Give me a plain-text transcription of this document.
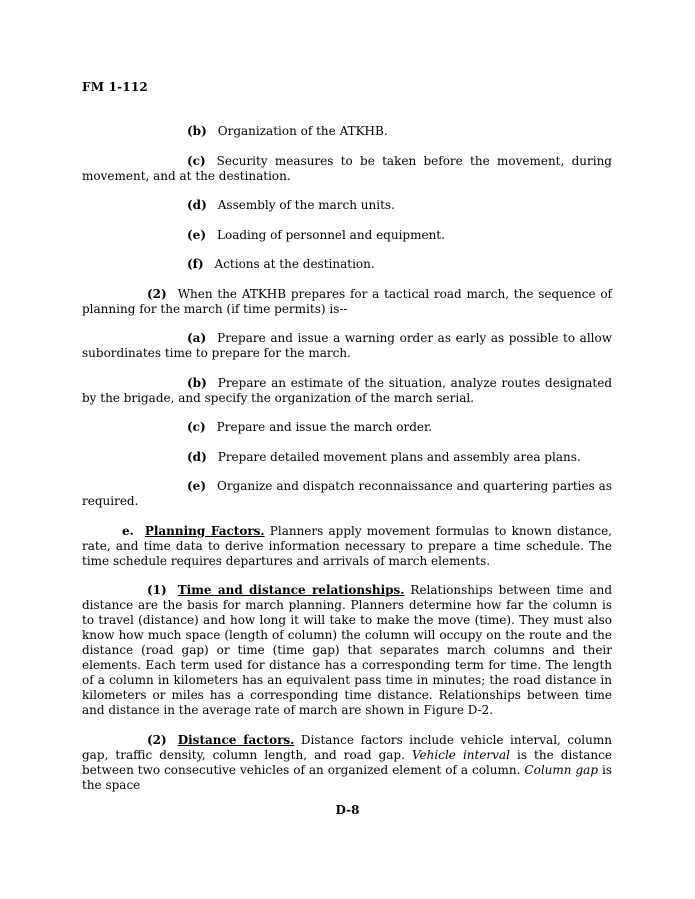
FM 1-112

(b) Organization of the ATKHB.

(c) Security measures to be taken before the movement, during movement, and at the destination.

(d) Assembly of the march units.

(e) Loading of personnel and equipment.

(f) Actions at the destination.

(2) When the ATKHB prepares for a tactical road march, the sequence of planning for the march (if time permits) is--

(a) Prepare and issue a warning order as early as possible to allow subordinates time to prepare for the march.

(b) Prepare an estimate of the situation, analyze routes designated by the brigade, and specify the organization of the march serial.

(c) Prepare and issue the march order.

(d) Prepare detailed movement plans and assembly area plans.

(e) Organize and dispatch reconnaissance and quartering parties as required.

e. Planning Factors. Planners apply movement formulas to known distance, rate, and time data to derive information necessary to prepare a time schedule. The time schedule requires departures and arrivals of march elements.

(1) Time and distance relationships. Relationships between time and distance are the basis for march planning. Planners determine how far the column is to travel (distance) and how long it will take to make the move (time). They must also know how much space (length of column) the column will occupy on the route and the distance (road gap) or time (time gap) that separates march columns and their elements. Each term used for distance has a corresponding term for time. The length of a column in kilometers has an equivalent pass time in minutes; the road distance in kilometers or miles has a corresponding time distance. Relationships between time and distance in the average rate of march are shown in Figure D-2.

(2) Distance factors. Distance factors include vehicle interval, column gap, traffic density, column length, and road gap. Vehicle interval is the distance between two consecutive vehicles of an organized element of a column. Column gap is the space

D-8
